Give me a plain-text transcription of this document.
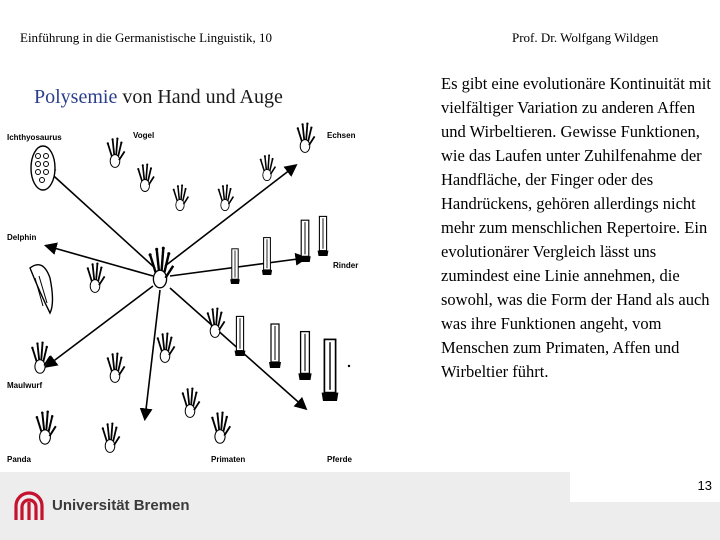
Einführung in die Germanistische Linguistik, 10	Prof. Dr. Wolfgang Wildgen
Polysemie von Hand und Auge
Ichthyosaurus	Vogel	Echsen
Delphin
Rinder
Maulwurf
Panda	Primaten	Pferde

Es gibt eine evolutionäre Kontinuität mit vielfältiger Variation zu anderen Affen und Wirbeltieren. Gewisse Funktionen, wie das Laufen unter Zuhilfenahme der Handfläche, der Finger oder des Handrückens, gehören allerdings nicht mehr zum menschlichen Repertoire. Ein evolutionärer Vergleich lässt uns zumindest eine Linie annehmen, die sowohl, was die Form der Hand als auch was ihre Funktionen angeht, vom Menschen zum Primaten, Affen und Wirbeltier führt.

13
Universität Bremen
